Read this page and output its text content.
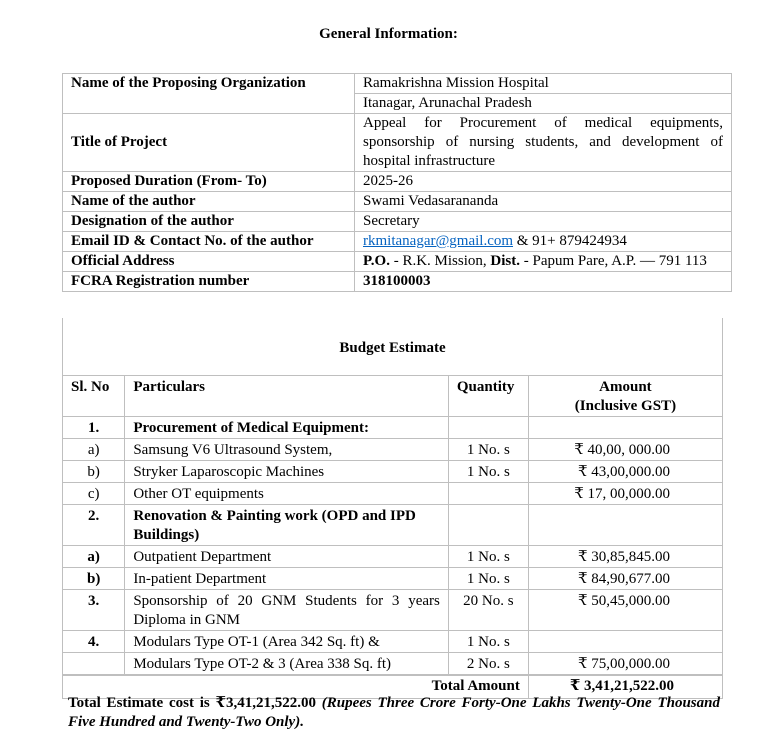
General Information:
Name of the Proposing Organization	Ramakrishna Mission Hospital
	Itanagar, Arunachal Pradesh
Title of Project	Appeal for Procurement of medical equipments, sponsorship of nursing students, and development of hospital infrastructure
Proposed Duration (From- To)	2025-26
Name of the author	Swami Vedasarananda
Designation of the author	Secretary
Email ID & Contact No. of the author	rkmitanagar@gmail.com & 91+ 879424934
Official Address	P.O. - R.K. Mission, Dist. - Papum Pare, A.P. — 791 113
FCRA Registration number	318100003
Budget Estimate
Sl. No	Particulars	Quantity	Amount
(Inclusive GST)
1.	Procurement of Medical Equipment:		
a)	Samsung V6 Ultrasound System,	1 No. s	₹ 40,00, 000.00
b)	Stryker Laparoscopic Machines	1 No. s	₹ 43,00,000.00
c)	Other OT equipments		₹ 17, 00,000.00
2.	Renovation & Painting work (OPD and IPD Buildings)		
a)	Outpatient Department	1 No. s	₹ 30,85,845.00
b)	In-patient Department	1 No. s	₹ 84,90,677.00
3.	Sponsorship of 20 GNM Students for 3 years Diploma in GNM	20 No. s	₹ 50,45,000.00
4.	Modulars Type OT-1 (Area 342 Sq. ft) &	1 No. s	
	Modulars Type OT-2 & 3 (Area 338 Sq. ft)	2 No. s	₹ 75,00,000.00
Total Amount			₹ 3,41,21,522.00
Total Estimate cost is ₹3,41,21,522.00 (Rupees Three Crore Forty-One Lakhs Twenty-One Thousand Five Hundred and Twenty-Two Only).
